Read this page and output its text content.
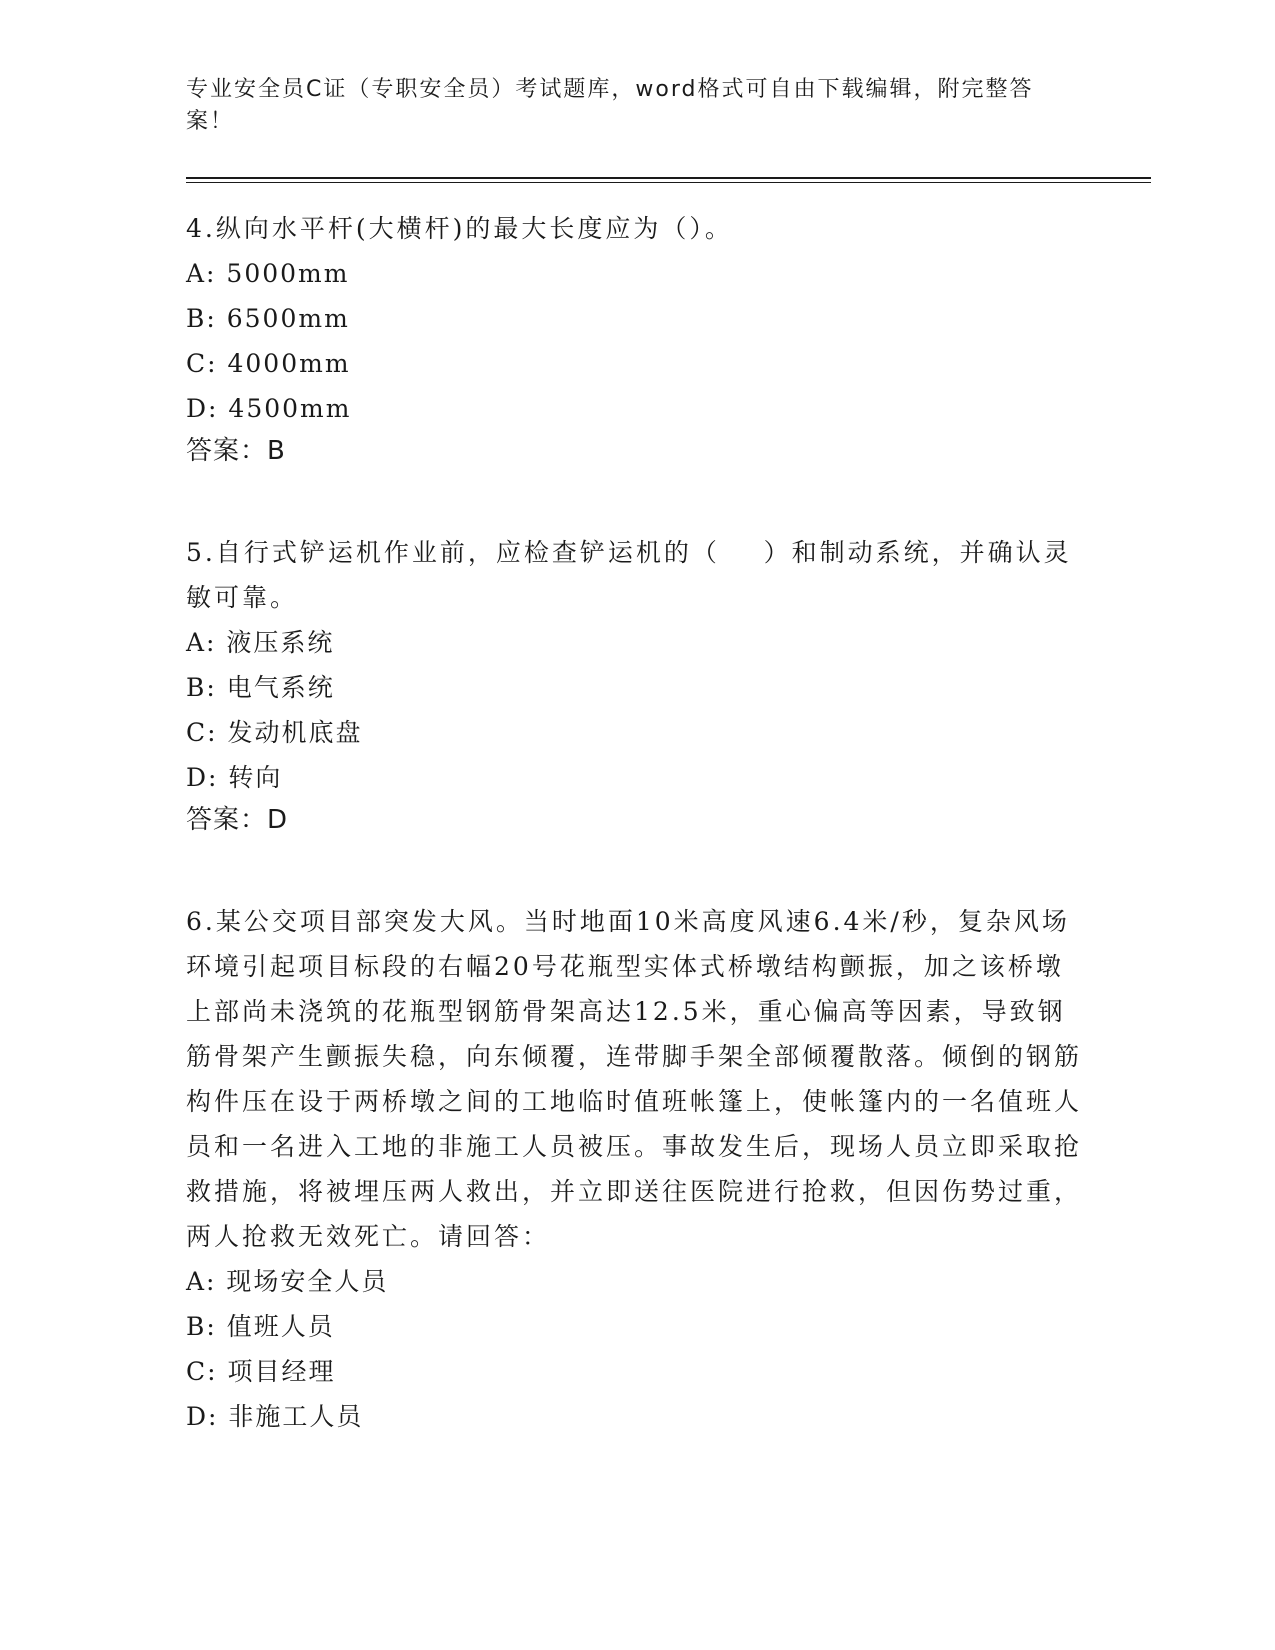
专业安全员C证（专职安全员）考试题库，word格式可自由下载编辑，附完整答案！
4.纵向水平杆(大横杆)的最大长度应为（）。
A: 5000mm
B: 6500mm
C: 4000mm
D: 4500mm
答案：B
5.自行式铲运机作业前，应检查铲运机的（    ）和制动系统，并确认灵敏可靠。
A: 液压系统
B: 电气系统
C: 发动机底盘
D: 转向
答案：D
6.某公交项目部突发大风。当时地面10米高度风速6.4米/秒，复杂风场环境引起项目标段的右幅20号花瓶型实体式桥墩结构颤振，加之该桥墩上部尚未浇筑的花瓶型钢筋骨架高达12.5米，重心偏高等因素，导致钢筋骨架产生颤振失稳，向东倾覆，连带脚手架全部倾覆散落。倾倒的钢筋构件压在设于两桥墩之间的工地临时值班帐篷上，使帐篷内的一名值班人员和一名进入工地的非施工人员被压。事故发生后，现场人员立即采取抢救措施，将被埋压两人救出，并立即送往医院进行抢救，但因伤势过重，两人抢救无效死亡。请回答：
A: 现场安全人员
B: 值班人员
C: 项目经理
D: 非施工人员
